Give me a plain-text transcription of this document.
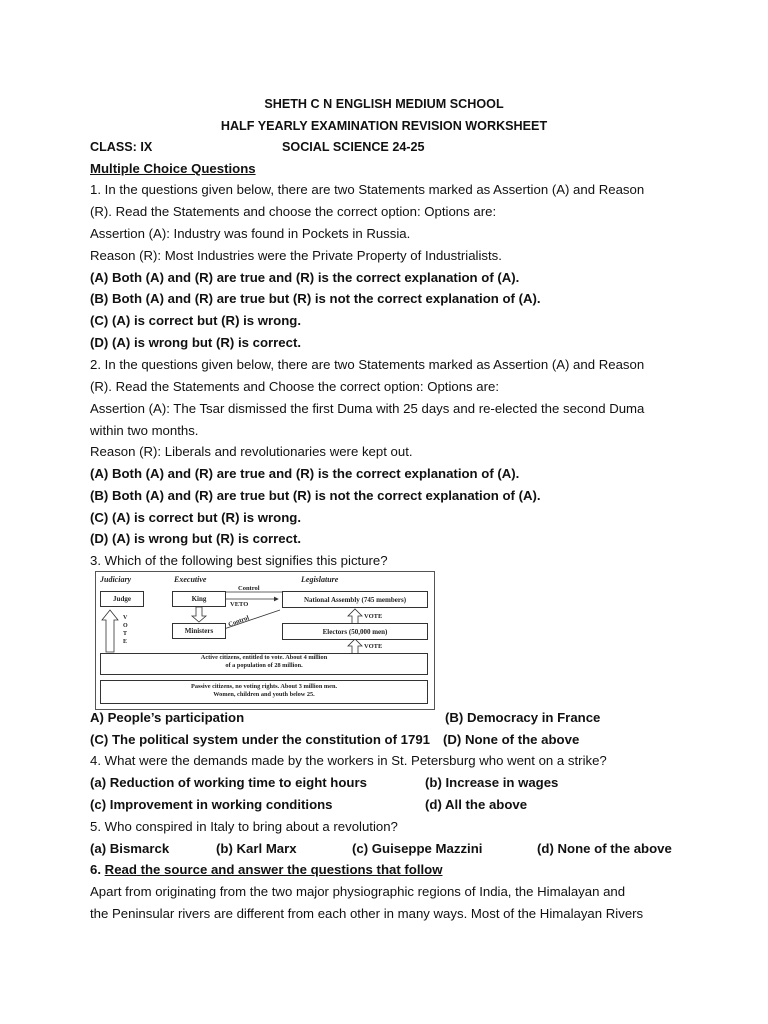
SHETH C N ENGLISH MEDIUM SCHOOL
HALF YEARLY EXAMINATION REVISION WORKSHEET
CLASS: IX	SOCIAL SCIENCE 24-25
Multiple Choice Questions
1. In the questions given below, there are two Statements marked as Assertion (A) and Reason
(R). Read the Statements and choose the correct option: Options are:
Assertion (A): Industry was found in Pockets in Russia.
Reason (R): Most Industries were the Private Property of Industrialists.
(A) Both (A) and (R) are true and (R) is the correct explanation of (A).
(B) Both (A) and (R) are true but (R) is not the correct explanation of (A).
(C) (A) is correct but (R) is wrong.
(D) (A) is wrong but (R) is correct.
2. In the questions given below, there are two Statements marked as Assertion (A) and Reason
(R). Read the Statements and Choose the correct option: Options are:
Assertion (A): The Tsar dismissed the first Duma with 25 days and re-elected the second Duma
within two months.
Reason (R): Liberals and revolutionaries were kept out.
(A) Both (A) and (R) are true and (R) is the correct explanation of (A).
(B) Both (A) and (R) are true but (R) is not the correct explanation of (A).
(C) (A) is correct but (R) is wrong.
(D) (A) is wrong but (R) is correct.
3. Which of the following best signifies this picture?
Judiciary	Executive	Legislature
Control
Judge	King
VETO
National Assembly (745 members)
VOTE
Ministers
Control
Electors (50,000 men)
VOTE
V O T E
Active citizens, entitled to vote. About 4 million
of a population of 28 million.
Passive citizens, no voting rights. About 3 million men.
Women, children and youth below 25.
A) People’s participation	(B) Democracy in France
(C) The political system under the constitution of 1791 (D) None of the above
4. What were the demands made by the workers in St. Petersburg who went on a strike?
(a) Reduction of working time to eight hours	(b) Increase in wages
(c) Improvement in working conditions	(d) All the above
5. Who conspired in Italy to bring about a revolution?
(a) Bismarck	(b) Karl Marx	(c) Guiseppe Mazzini	(d) None of the above
6. Read the source and answer the questions that follow
Apart from originating from the two major physiographic regions of India, the Himalayan and
the Peninsular rivers are different from each other in many ways. Most of the Himalayan Rivers
